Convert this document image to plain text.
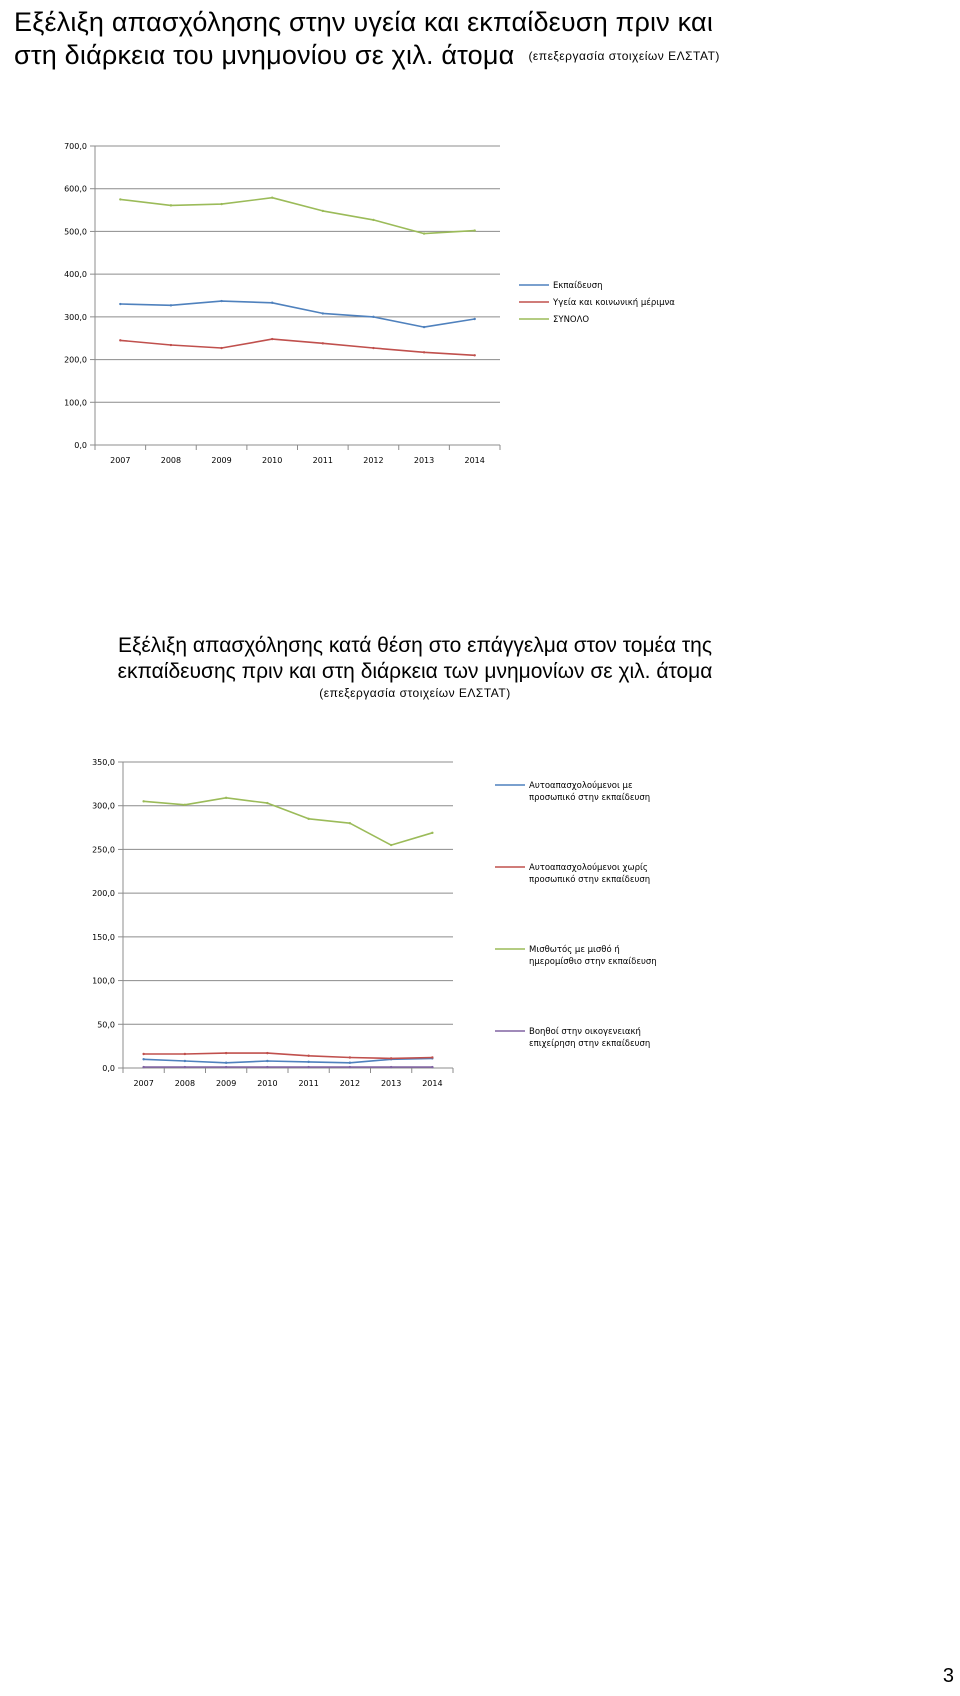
Εξέλιξη απασχόλησης στην υγεία και εκπαίδευση πριν και
στη διάρκεια του μνημονίου σε χιλ. άτομα (επεξεργασία στοιχείων ΕΛΣΤΑΤ)
0,0
100,0
200,0
300,0
400,0
500,0
600,0
700,0
2007	2008	2009	2010	2011	2012	2013	2014
Εκπαίδευση
Υγεία και κοινωνική μέριμνα
ΣΥΝΟΛΟ
Εξέλιξη απασχόλησης κατά θέση στο επάγγελμα στον τομέα της
εκπαίδευσης πριν και στη διάρκεια των μνημονίων σε χιλ. άτομα
(επεξεργασία στοιχείων ΕΛΣΤΑΤ)
0,0
50,0
100,0
150,0
200,0
250,0
300,0
350,0
2007	2008	2009	2010	2011	2012	2013	2014
Αυτοαπασχολούμενοι με προσωπικό στην εκπαίδευση
Αυτοαπασχολούμενοι χωρίς προσωπικό στην εκπαίδευση
Μισθωτός με μισθό ή ημερομίσθιο στην εκπαίδευση
Βοηθοί στην οικογενειακή επιχείρηση στην εκπαίδευση
3
